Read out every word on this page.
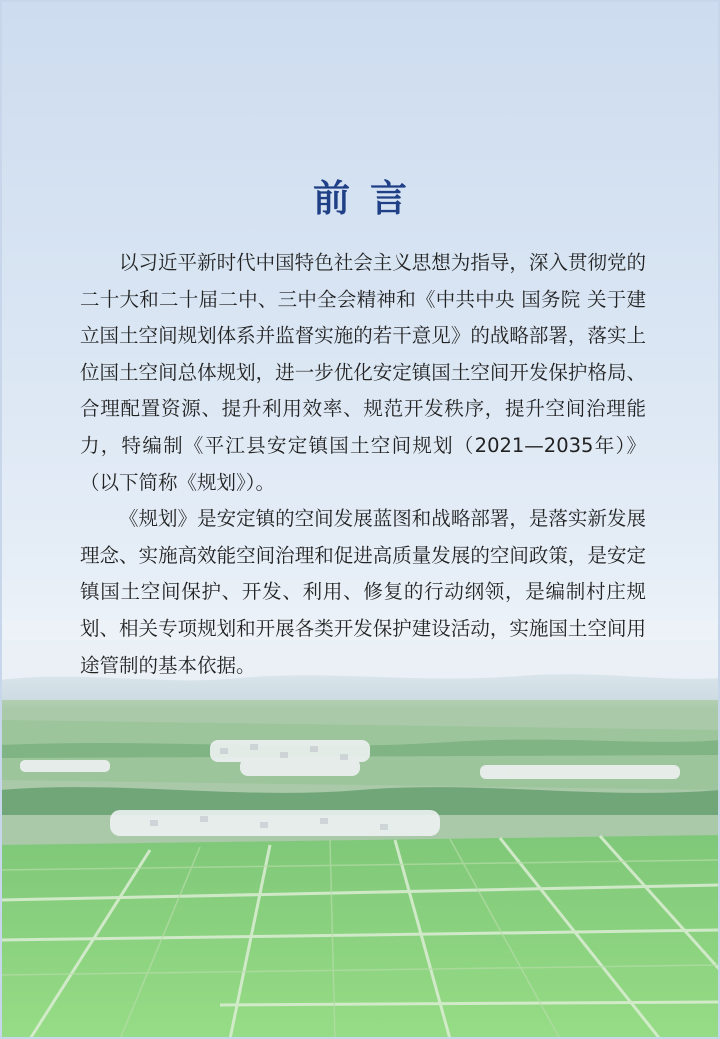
前言

以习近平新时代中国特色社会主义思想为指导，深入贯彻党的二十大和二十届二中、三中全会精神和《中共中央 国务院 关于建立国土空间规划体系并监督实施的若干意见》的战略部署，落实上位国土空间总体规划，进一步优化安定镇国土空间开发保护格局、合理配置资源、提升利用效率、规范开发秩序，提升空间治理能力，特编制《平江县安定镇国土空间规划（2021—2035年）》（以下简称《规划》）。

《规划》是安定镇的空间发展蓝图和战略部署，是落实新发展理念、实施高效能空间治理和促进高质量发展的空间政策，是安定镇国土空间保护、开发、利用、修复的行动纲领，是编制村庄规划、相关专项规划和开展各类开发保护建设活动，实施国土空间用途管制的基本依据。
